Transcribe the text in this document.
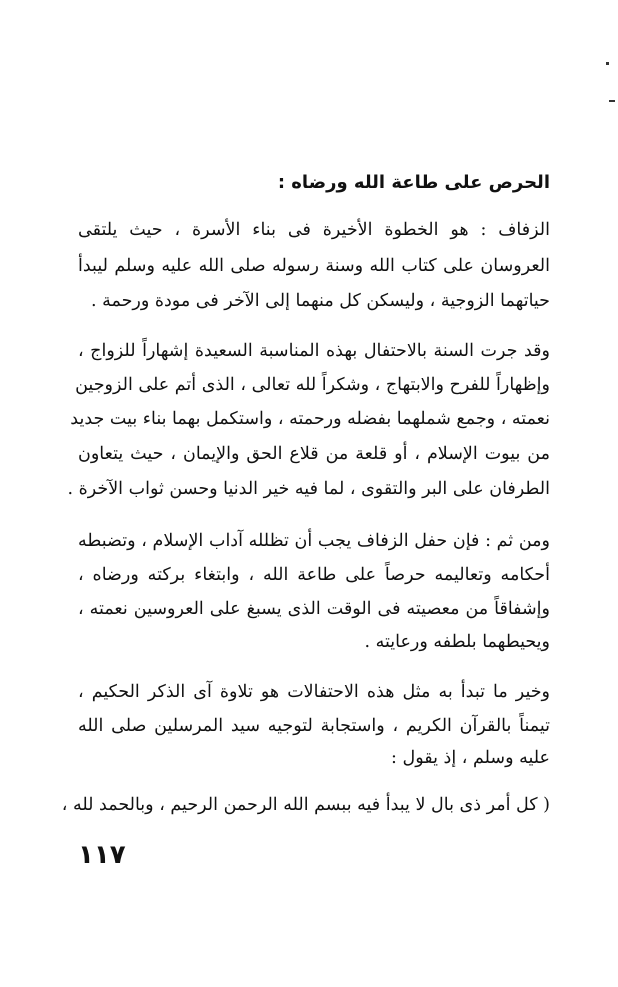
الحرص على طاعة الله ورضاه :

الزفاف : هو الخطوة الأخيرة فى بناء الأسرة ، حيث يلتقى

العروسان على كتاب الله وسنة رسوله صلى الله عليه وسلم ليبدأ

حياتهما الزوجية ، وليسكن كل منهما إلى الآخر فى مودة ورحمة .

وقد جرت السنة بالاحتفال بهذه المناسبة السعيدة إشهاراً للزواج ،

وإظهاراً للفرح والابتهاج ، وشكراً لله تعالى ، الذى أتم على الزوجين

نعمته ، وجمع شملهما بفضله ورحمته ، واستكمل بهما بناء بيت جديد

من بيوت الإسلام ، أو قلعة من قلاع الحق والإيمان ، حيث يتعاون

الطرفان على البر والتقوى ، لما فيه خير الدنيا وحسن ثواب الآخرة .

ومن ثم : فإن حفل الزفاف يجب أن تظلله آداب الإسلام ، وتضبطه

أحكامه وتعاليمه حرصاً على طاعة الله ، وابتغاء بركته ورضاه ،

وإشفاقاً من معصيته فى الوقت الذى يسبغ على العروسين نعمته ،

ويحيطهما بلطفه ورعايته .

وخير ما تبدأ به مثل هذه الاحتفالات هو تلاوة آى الذكر الحكيم ،

تيمناً بالقرآن الكريم ، واستجابة لتوجيه سيد المرسلين صلى الله

عليه وسلم ، إذ يقول :

( كل أمر ذى بال لا يبدأ فيه ببسم الله الرحمن الرحيم ، وبالحمد لله ،

١١٧
